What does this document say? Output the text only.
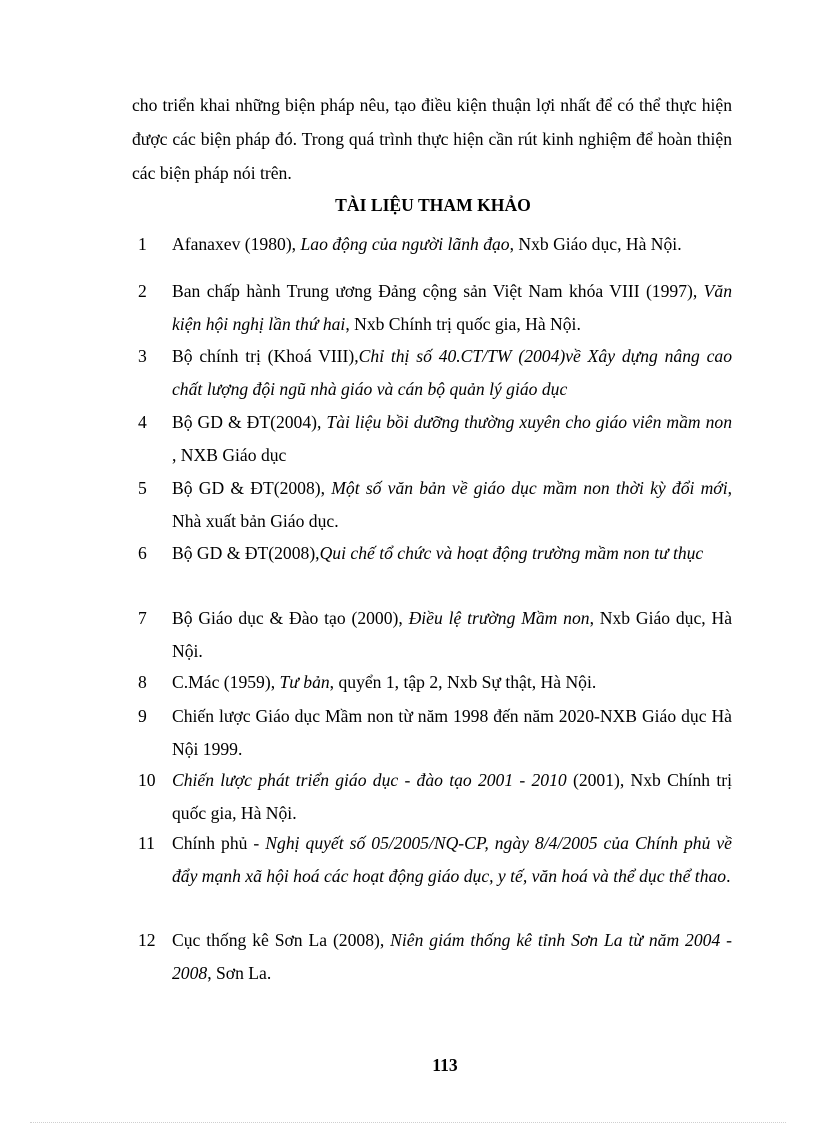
cho triển khai những biện pháp nêu, tạo điều kiện thuận lợi nhất để có thể thực hiện được các biện pháp đó. Trong quá trình thực hiện cần rút kinh nghiệm để hoàn thiện các biện pháp nói trên.
TÀI LIỆU THAM KHẢO
1 Afanaxev (1980), Lao động của người lãnh đạo, Nxb Giáo dục, Hà Nội.
2 Ban chấp hành Trung ương Đảng cộng sản Việt Nam khóa VIII (1997), Văn kiện hội nghị lần thứ hai, Nxb Chính trị quốc gia, Hà Nội.
3 Bộ chính trị (Khoá VIII),Chỉ thị số 40.CT/TW (2004)về Xây dựng nâng cao chất lượng đội ngũ nhà giáo và cán bộ quản lý giáo dục
4 Bộ GD & ĐT(2004), Tài liệu bồi dưỡng thường xuyên cho giáo viên mầm non , NXB Giáo dục
5 Bộ GD & ĐT(2008), Một số văn bản về giáo dục mầm non thời kỳ đổi mới, Nhà xuất bản Giáo dục.
6 Bộ GD & ĐT(2008),Qui chế tổ chức và hoạt động trường mầm non tư thục
7 Bộ Giáo dục & Đào tạo (2000), Điều lệ trường Mầm non, Nxb Giáo dục, Hà Nội.
8 C.Mác (1959), Tư bản, quyển 1, tập 2, Nxb Sự thật, Hà Nội.
9 Chiến lược Giáo dục Mầm non từ năm 1998 đến năm 2020-NXB Giáo dục Hà Nội 1999.
10 Chiến lược phát triển giáo dục - đào tạo 2001 - 2010 (2001), Nxb Chính trị quốc gia, Hà Nội.
11 Chính phủ - Nghị quyết số 05/2005/NQ-CP, ngày 8/4/2005 của Chính phủ về đẩy mạnh xã hội hoá các hoạt động giáo dục, y tế, văn hoá và thể dục thể thao.
12 Cục thống kê Sơn La (2008), Niên giám thống kê tỉnh Sơn La từ năm 2004 - 2008, Sơn La.
113
